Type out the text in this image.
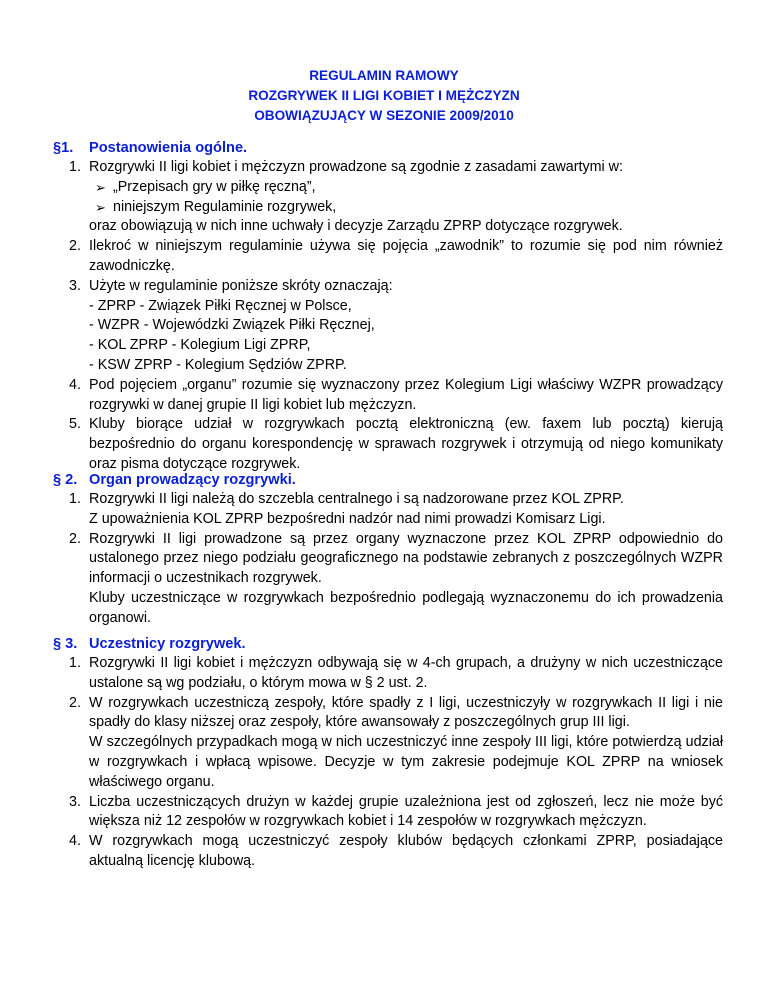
REGULAMIN RAMOWY
ROZGRYWEK II LIGI KOBIET I MĘŻCZYZN
OBOWIĄZUJĄCY W SEZONIE 2009/2010
§1.	Postanowienia ogólne.
1. Rozgrywki II ligi kobiet i mężczyzn prowadzone są zgodnie z zasadami zawartymi w:
➢ „Przepisach gry w piłkę ręczną”,
➢ niniejszym Regulaminie rozgrywek,
oraz obowiązują w nich inne uchwały i decyzje Zarządu ZPRP dotyczące rozgrywek.
2. Ilekroć w niniejszym regulaminie używa się pojęcia „zawodnik” to rozumie się pod nim również zawodniczkę.
3. Użyte w regulaminie poniższe skróty oznaczają:
- ZPRP - Związek Piłki Ręcznej w Polsce,
- WZPR - Wojewódzki Związek Piłki Ręcznej,
- KOL ZPRP - Kolegium Ligi ZPRP,
- KSW ZPRP - Kolegium Sędziów ZPRP.
4. Pod pojęciem „organu” rozumie się wyznaczony przez Kolegium Ligi właściwy WZPR prowadzący rozgrywki w danej grupie II ligi kobiet lub mężczyzn.
5. Kluby biorące udział w rozgrywkach pocztą elektroniczną (ew. faxem lub pocztą) kierują bezpośrednio do organu korespondencję w sprawach rozgrywek i otrzymują od niego komunikaty oraz pisma dotyczące rozgrywek.
§ 2. Organ prowadzący rozgrywki.
1. Rozgrywki II ligi należą do szczebla centralnego i są nadzorowane przez KOL ZPRP.
Z upoważnienia KOL ZPRP bezpośredni nadzór nad nimi prowadzi Komisarz Ligi.
2. Rozgrywki II ligi prowadzone są przez organy wyznaczone przez KOL ZPRP odpowiednio do ustalonego przez niego podziału geograficznego na podstawie zebranych z poszczególnych WZPR informacji o uczestnikach rozgrywek.
Kluby uczestniczące w rozgrywkach bezpośrednio podlegają wyznaczonemu do ich prowadzenia organowi.
§ 3. Uczestnicy rozgrywek.
1. Rozgrywki II ligi kobiet i mężczyzn odbywają się w 4-ch grupach, a drużyny w nich uczestniczące ustalone są wg podziału, o którym mowa w § 2 ust. 2.
2. W rozgrywkach uczestniczą zespoły, które spadły z I ligi, uczestniczyły w rozgrywkach II ligi i nie spadły do klasy niższej oraz zespoły, które awansowały z poszczególnych grup III ligi.
W szczególnych przypadkach mogą w nich uczestniczyć inne zespoły III ligi, które potwierdzą udział w rozgrywkach i wpłacą wpisowe. Decyzje w tym zakresie podejmuje KOL ZPRP na wniosek właściwego organu.
3. Liczba uczestniczących drużyn w każdej grupie uzależniona jest od zgłoszeń, lecz nie może być większa niż 12 zespołów w rozgrywkach kobiet i 14 zespołów w rozgrywkach mężczyzn.
4. W rozgrywkach mogą uczestniczyć zespoły klubów będących członkami ZPRP, posiadające aktualną licencję klubową.
